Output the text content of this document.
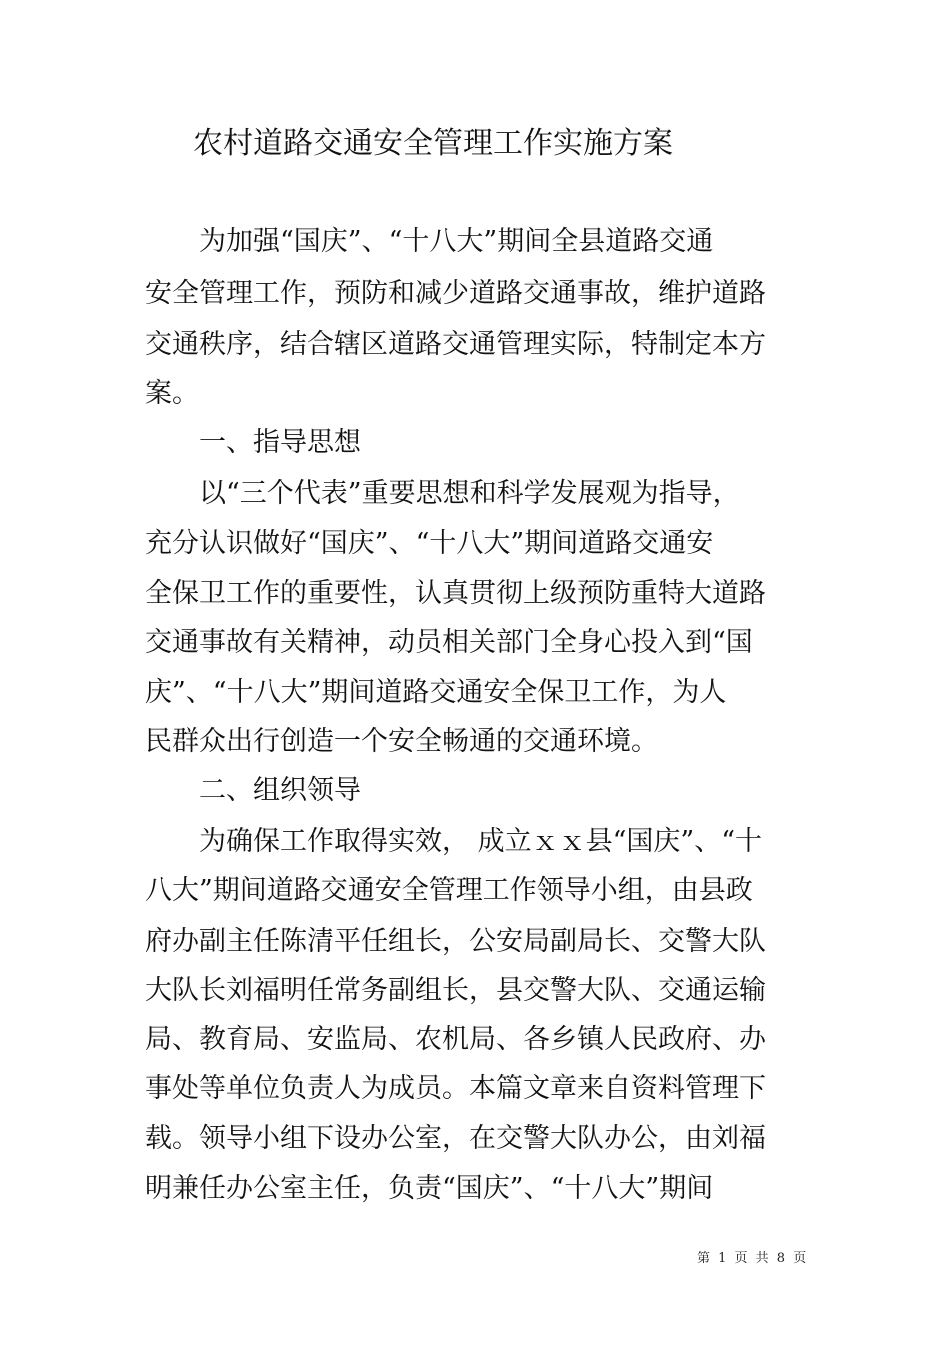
农村道路交通安全管理工作实施方案
为加强“国庆”、“十八大”期间全县道路交通
安全管理工作，预防和减少道路交通事故，维护道路
交通秩序，结合辖区道路交通管理实际，特制定本方
案。
一、指导思想
以“三个代表”重要思想和科学发展观为指导，
充分认识做好“国庆”、“十八大”期间道路交通安
全保卫工作的重要性，认真贯彻上级预防重特大道路
交通事故有关精神，动员相关部门全身心投入到“国
庆”、“十八大”期间道路交通安全保卫工作，为人
民群众出行创造一个安全畅通的交通环境。
二、组织领导
为确保工作取得实效， 成立ｘｘ县“国庆”、“十
八大”期间道路交通安全管理工作领导小组，由县政
府办副主任陈清平任组长，公安局副局长、交警大队
大队长刘福明任常务副组长，县交警大队、交通运输
局、教育局、安监局、农机局、各乡镇人民政府、办
事处等单位负责人为成员。本篇文章来自资料管理下
载。领导小组下设办公室，在交警大队办公，由刘福
明兼任办公室主任，负责“国庆”、“十八大”期间
第 1 页 共 8 页
